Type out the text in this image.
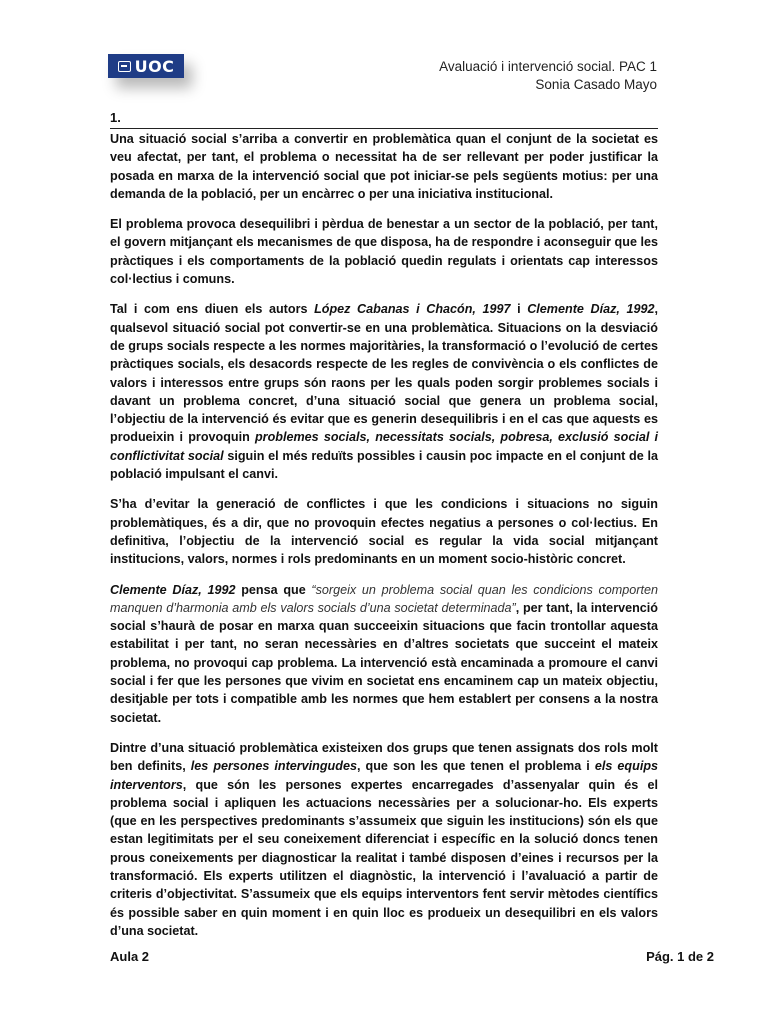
UOC	Avaluació i intervenció social. PAC 1
Sonia Casado Mayo
1.

Una situació social s’arriba a convertir en problemàtica quan el conjunt de la societat es veu afectat, per tant, el problema o necessitat ha de ser rellevant per poder justificar la posada en marxa de la intervenció social que pot iniciar-se pels següents motius: per una demanda de la població, per un encàrrec o per una iniciativa institucional.

El problema provoca desequilibri i pèrdua de benestar a un sector de la població, per tant, el govern mitjançant els mecanismes de que disposa, ha de respondre i aconseguir que les pràctiques i els comportaments de la població quedin regulats i orientats cap interessos col·lectius i comuns.

Tal i com ens diuen els autors López Cabanas i Chacón, 1997 i Clemente Díaz, 1992, qualsevol situació social pot convertir-se en una problemàtica. Situacions on la desviació de grups socials respecte a les normes majoritàries, la transformació o l’evolució de certes pràctiques socials, els desacords respecte de les regles de convivència o els conflictes de valors i interessos entre grups són raons per les quals poden sorgir problemes socials i davant un problema concret, d’una situació social que genera un problema social, l’objectiu de la intervenció és evitar que es generin desequilibris i en el cas que aquests es produeixin i provoquin problemes socials, necessitats socials, pobresa, exclusió social i conflictivitat social siguin el més reduïts possibles i causin poc impacte en el conjunt de la població impulsant el canvi.

S’ha d’evitar la generació de conflictes i que les condicions i situacions no siguin problemàtiques, és a dir, que no provoquin efectes negatius a persones o col·lectius. En definitiva, l’objectiu de la intervenció social es regular la vida social mitjançant institucions, valors, normes i rols predominants en un moment socio-històric concret.

Clemente Díaz, 1992 pensa que “sorgeix un problema social quan les condicions comporten manquen d’harmonia amb els valors socials d’una societat determinada”, per tant, la intervenció social s’haurà de posar en marxa quan succeeixin situacions que facin trontollar aquesta estabilitat i per tant, no seran necessàries en d’altres societats que succeint el mateix problema, no provoqui cap problema. La intervenció està encaminada a promoure el canvi social i fer que les persones que vivim en societat ens encaminem cap un mateix objectiu, desitjable per tots i compatible amb les normes que hem establert per consens a la nostra societat.

Dintre d’una situació problemàtica existeixen dos grups que tenen assignats dos rols molt ben definits, les persones intervingudes, que son les que tenen el problema i els equips interventors, que són les persones expertes encarregades d’assenyalar quin és el problema social i apliquen les actuacions necessàries per a solucionar-ho. Els experts (que en les perspectives predominants s’assumeix que siguin les institucions) són els que estan legitimitats per el seu coneixement diferenciat i específic en la solució doncs tenen prous coneixements per diagnosticar la realitat i també disposen d’eines i recursos per la transformació. Els experts utilitzen el diagnòstic, la intervenció i l’avaluació a partir de criteris d’objectivitat. S’assumeix que els equips interventors fent servir mètodes científics és possible saber en quin moment i en quin lloc es produeix un desequilibri en els valors d’una societat.

Aula 2	Pág. 1 de 2
